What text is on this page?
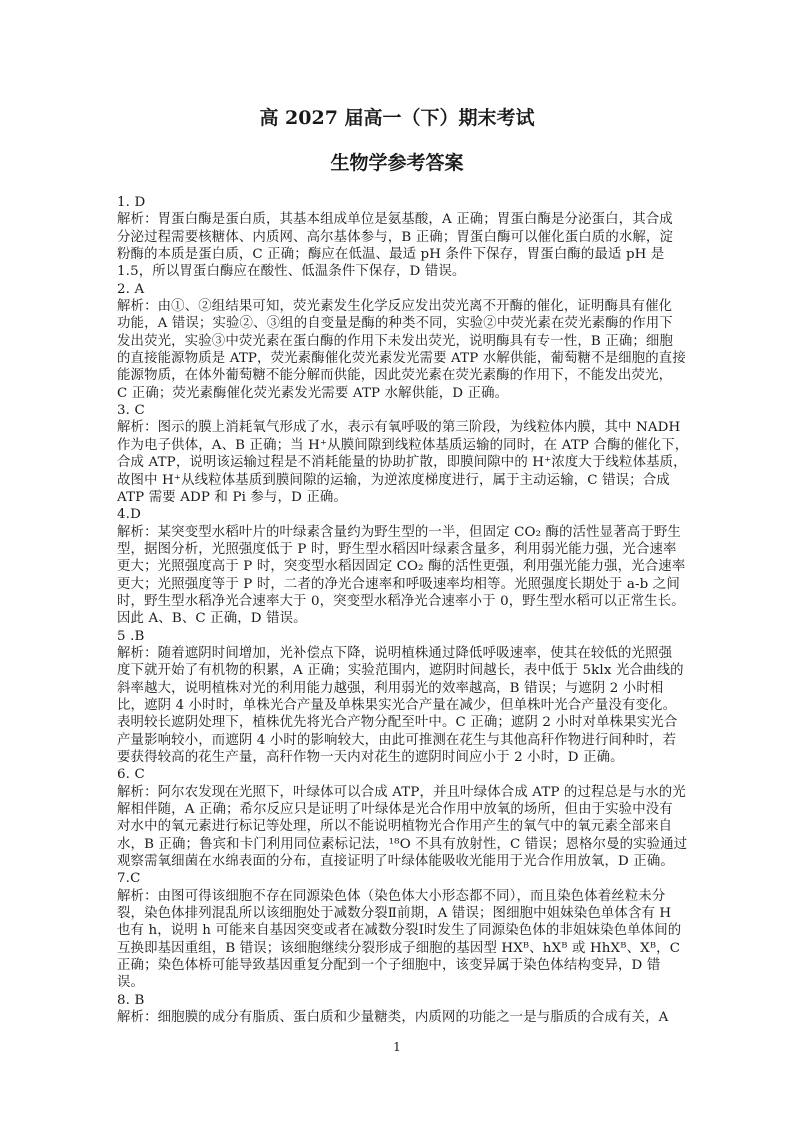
高 2027 届高一（下）期末考试
生物学参考答案
1. D
解析：胃蛋白酶是蛋白质，其基本组成单位是氨基酸，A 正确；胃蛋白酶是分泌蛋白，其合成
分泌过程需要核糖体、内质网、高尔基体参与，B 正确；胃蛋白酶可以催化蛋白质的水解，淀
粉酶的本质是蛋白质，C 正确；酶应在低温、最适 pH 条件下保存，胃蛋白酶的最适 pH 是
1.5，所以胃蛋白酶应在酸性、低温条件下保存，D 错误。
2. A
解析：由①、②组结果可知，荧光素发生化学反应发出荧光离不开酶的催化，证明酶具有催化
功能，A 错误；实验②、③组的自变量是酶的种类不同，实验②中荧光素在荧光素酶的作用下
发出荧光，实验③中荧光素在蛋白酶的作用下未发出荧光，说明酶具有专一性，B 正确；细胞
的直接能源物质是 ATP，荧光素酶催化荧光素发光需要 ATP 水解供能，葡萄糖不是细胞的直接
能源物质，在体外葡萄糖不能分解而供能，因此荧光素在荧光素酶的作用下，不能发出荧光，
C 正确；荧光素酶催化荧光素发光需要 ATP 水解供能，D 正确。
3. C
解析：图示的膜上消耗氧气形成了水，表示有氧呼吸的第三阶段，为线粒体内膜，其中 NADH
作为电子供体，A、B 正确；当 H⁺从膜间隙到线粒体基质运输的同时，在 ATP 合酶的催化下，
合成 ATP，说明该运输过程是不消耗能量的协助扩散，即膜间隙中的 H⁺浓度大于线粒体基质，
故图中 H⁺从线粒体基质到膜间隙的运输，为逆浓度梯度进行，属于主动运输，C 错误；合成
ATP 需要 ADP 和 Pi 参与，D 正确。
4.D
解析：某突变型水稻叶片的叶绿素含量约为野生型的一半，但固定 CO₂ 酶的活性显著高于野生
型，据图分析，光照强度低于 P 时，野生型水稻因叶绿素含量多，利用弱光能力强，光合速率
更大；光照强度高于 P 时，突变型水稻因固定 CO₂ 酶的活性更强，利用强光能力强，光合速率
更大；光照强度等于 P 时，二者的净光合速率和呼吸速率均相等。光照强度长期处于 a-b 之间
时，野生型水稻净光合速率大于 0，突变型水稻净光合速率小于 0，野生型水稻可以正常生长。
因此 A、B、C 正确，D 错误。
5 .B
解析：随着遮阴时间增加，光补偿点下降，说明植株通过降低呼吸速率，使其在较低的光照强
度下就开始了有机物的积累，A 正确；实验范围内，遮阴时间越长，表中低于 5klx 光合曲线的
斜率越大，说明植株对光的利用能力越强，利用弱光的效率越高，B 错误；与遮阴 2 小时相
比，遮阴 4 小时时，单株光合产量及单株果实光合产量在减少，但单株叶光合产量没有变化。
表明较长遮阴处理下，植株优先将光合产物分配至叶中。C 正确；遮阴 2 小时对单株果实光合
产量影响较小，而遮阴 4 小时的影响较大，由此可推测在花生与其他高秆作物进行间种时，若
要获得较高的花生产量，高秆作物一天内对花生的遮阴时间应小于 2 小时，D 正确。
6. C
解析：阿尔农发现在光照下，叶绿体可以合成 ATP，并且叶绿体合成 ATP 的过程总是与水的光
解相伴随，A 正确；希尔反应只是证明了叶绿体是光合作用中放氧的场所，但由于实验中没有
对水中的氧元素进行标记等处理，所以不能说明植物光合作用产生的氧气中的氧元素全部来自
水，B 正确；鲁宾和卡门利用同位素标记法，¹⁸O 不具有放射性，C 错误；恩格尔曼的实验通过
观察需氧细菌在水绵表面的分布，直接证明了叶绿体能吸收光能用于光合作用放氧，D 正确。
7.C
解析：由图可得该细胞不存在同源染色体（染色体大小形态都不同），而且染色体着丝粒未分
裂，染色体排列混乱所以该细胞处于减数分裂Ⅱ前期，A 错误；图细胞中姐妹染色单体含有 H
也有 h，说明 h 可能来自基因突变或者在减数分裂Ⅰ时发生了同源染色体的非姐妹染色单体间的
互换即基因重组，B 错误；该细胞继续分裂形成子细胞的基因型 HXᴮ、hXᴮ 或 HhXᴮ、Xᴮ，C
正确；染色体桥可能导致基因重复分配到一个子细胞中，该变异属于染色体结构变异，D 错
误。
8. B
解析：细胞膜的成分有脂质、蛋白质和少量糖类，内质网的功能之一是与脂质的合成有关，A
1
